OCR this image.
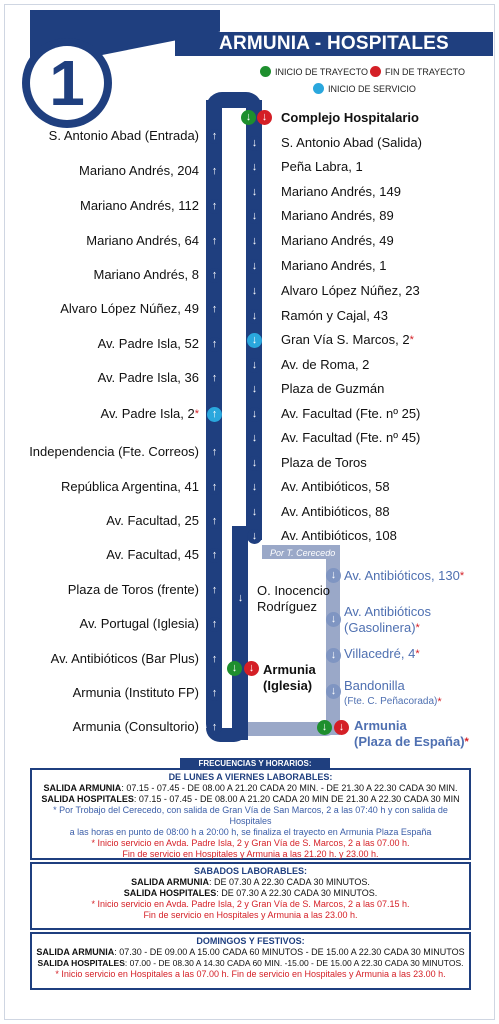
1
ARMUNIA - HOSPITALES
INICIO DE TRAYECTO FIN DE TRAYECTO
INICIO DE SERVICIO
Por T. Cerecedo
↓ ↓
S. Antonio Abad (Entrada)	↑
Mariano Andrés, 204	↑
Mariano Andrés, 112	↑
Mariano Andrés, 64	↑
Mariano Andrés, 8	↑
Alvaro López Núñez, 49	↑
Av. Padre Isla, 52	↑
Av. Padre Isla, 36	↑
Av. Padre Isla, 2*	↑
Independencia (Fte. Correos)	↑
República Argentina, 41	↑
Av. Facultad, 25	↑
Av. Facultad, 45	↑
Plaza de Toros (frente)	↑
Av. Portugal (Iglesia)	↑
Av. Antibióticos (Bar Plus)	↑
Armunia (Instituto FP)	↑
Armunia (Consultorio)	↑
Complejo Hospitalario
S. Antonio Abad (Salida)
↓
Peña Labra, 1
↓
Mariano Andrés, 149
↓
Mariano Andrés, 89
↓
Mariano Andrés, 49
↓
Mariano Andrés, 1
↓
Alvaro López Núñez, 23
↓
Ramón y Cajal, 43
↓
Gran Vía S. Marcos, 2*
↓
Av. de Roma, 2
↓
Plaza de Guzmán
↓
Av. Facultad (Fte. nº 25)
↓
Av. Facultad (Fte. nº 45)
↓
Plaza de Toros
↓
Av. Antibióticos, 58
↓
Av. Antibióticos, 88
↓
Av. Antibióticos, 108
↓
↓	O. Inocencio
Rodríguez
↓	↓ Armunia
(Iglesia)
↓ Av. Antibióticos, 130*
↓ Av. Antibióticos
(Gasolinera)*
↓ Villacedré, 4*
↓ Bandonilla
(Fte. C. Peñacorada)*
↓	↓ Armunia
(Plaza de España)*
FRECUENCIAS Y HORARIOS:
DE LUNES A VIERNES LABORABLES:
SALIDA ARMUNIA: 07.15 - 07.45 - DE 08.00 A 21.20 CADA 20 MIN. - DE 21.30 A 22.30 CADA 30 MIN.
SALIDA HOSPITALES: 07.15 - 07.45 - DE 08.00 A 21.20 CADA 20 MIN DE 21.30 A 22.30 CADA 30 MIN
* Por Trobajo del Cerecedo, con salida de Gran Vía de San Marcos, 2 a las 07:40 h y con salida de Hospitales
a las horas en punto de 08:00 h a 20:00 h, se finaliza el trayecto en Armunia Plaza España
* Inicio servicio en Avda. Padre Isla, 2 y Gran Vía de S. Marcos, 2 a las 07.00 h.
Fin de servicio en Hospitales y Armunia a las 21.20 h. y 23.00 h.
SABADOS LABORABLES:
SALIDA ARMUNIA: DE 07.30 A 22.30 CADA 30 MINUTOS.
SALIDA HOSPITALES: DE 07.30 A 22.30 CADA 30 MINUTOS.
* Inicio servicio en Avda. Padre Isla, 2 y Gran Vía de S. Marcos, 2 a las 07.15 h.
Fin de servicio en Hospitales y Armunia a las 23.00 h.
DOMINGOS Y FESTIVOS:
SALIDA ARMUNIA: 07.30 - DE 09.00 A 15.00 CADA 60 MINUTOS - DE 15.00 A 22.30 CADA 30 MINUTOS
SALIDA HOSPITALES: 07.00 - DE 08.30 A 14.30 CADA 60 MIN. -15.00 - DE 15.00 A 22.30 CADA 30 MINUTOS.
* Inicio servicio en Hospitales a las 07.00 h. Fin de servicio en Hospitales y Armunia a las 23.00 h.
